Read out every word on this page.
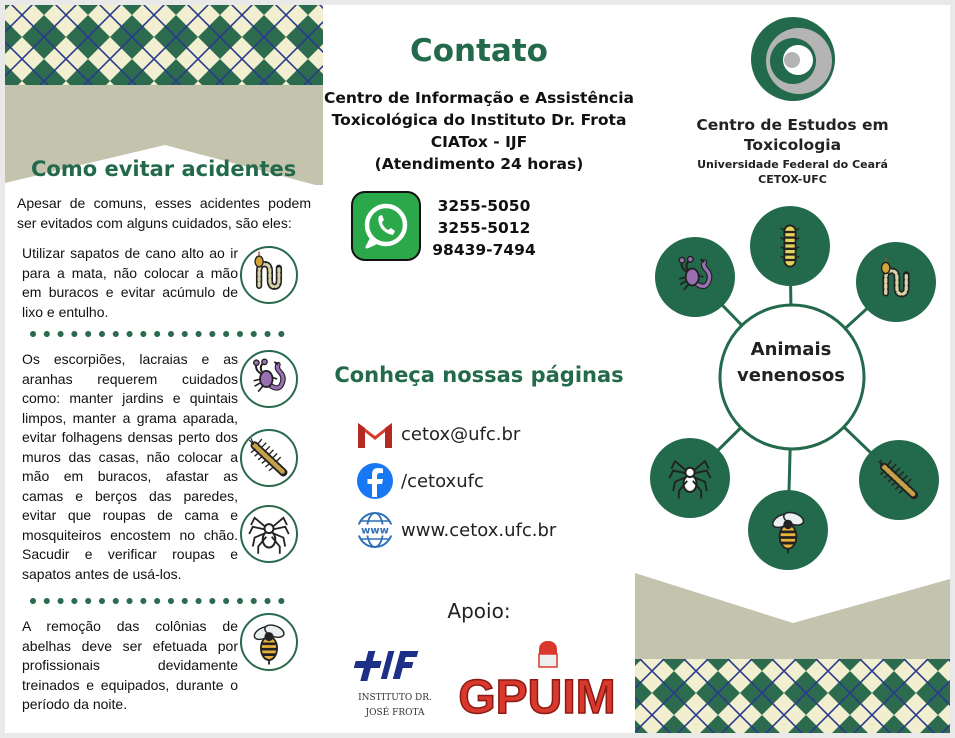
Como evitar acidentes
Apesar de comuns, esses acidentes podem ser evitados com alguns cuidados, são eles:
Utilizar sapatos de cano alto ao ir para a mata, não colocar a mão em buracos e evitar acúmulo de lixo e entulho.
Os escorpiões, lacraias e as aranhas requerem cuidados como: manter jardins e quintais limpos, manter a grama aparada, evitar folhagens densas perto dos muros das casas, não colocar a mão em buracos, afastar as camas e berços das paredes, evitar que roupas de cama e mosquiteiros encostem no chão. Sacudir e verificar roupas e sapatos antes de usá-los.
A remoção das colônias de abelhas deve ser efetuada por profissionais devidamente treinados e equipados, durante o período da noite.
Contato
Centro de Informação e Assistência
Toxicológica do Instituto Dr. Frota
CIATox - IJF
(Atendimento 24 horas)
3255-5050
3255-5012
98439-7494
Conheça nossas páginas
cetox@ufc.br
/cetoxufc
www www.cetox.ufc.br
Apoio:
INSTITUTO DR.
JOSÉ FROTA GPUIM
Centro de Estudos em
Toxicologia
Universidade Federal do Ceará
CETOX-UFC
Animais
venenosos
